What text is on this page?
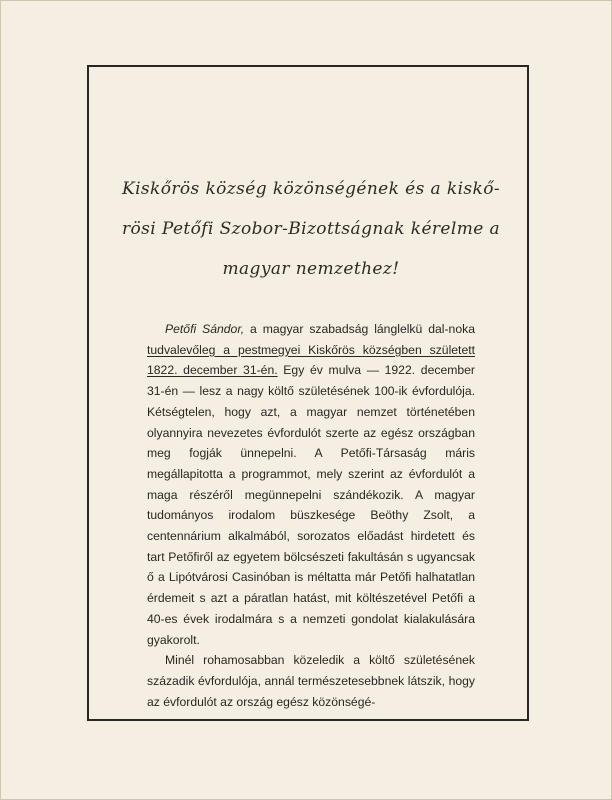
Kiskőrös község közönségének és a kiskő-
rösi Petőfi Szobor-Bizottságnak kérelme a
magyar nemzethez!

Petőfi Sándor, a magyar szabadság lánglelkü dal-noka tudvalevőleg a pestmegyei Kiskőrös községben született 1822. december 31-én. Egy év mulva — 1922. december 31-én — lesz a nagy költő születésének 100-ik évfordulója. Kétségtelen, hogy azt, a magyar nemzet történetében olyannyira nevezetes évfordulót szerte az egész országban meg fogják ünnepelni. A Petőfi-Társaság máris megállapitotta a programmot, mely szerint az évfordulót a maga részéről megünnepelni szándékozik. A magyar tudományos irodalom büszkesége Beöthy Zsolt, a centennárium alkalmából, sorozatos előadást hirdetett és tart Petőfiről az egyetem bölcsészeti fakultásán s ugyancsak ő a Lipótvárosi Casinóban is méltatta már Petőfi halhatatlan érdemeit s azt a páratlan hatást, mit költészetével Petőfi a 40-es évek irodalmára s a nemzeti gondolat kialakulására gyakorolt.

Minél rohamosabban közeledik a költő születésének századik évfordulója, annál természetesebbnek látszik, hogy az évfordulót az ország egész közönségé-
